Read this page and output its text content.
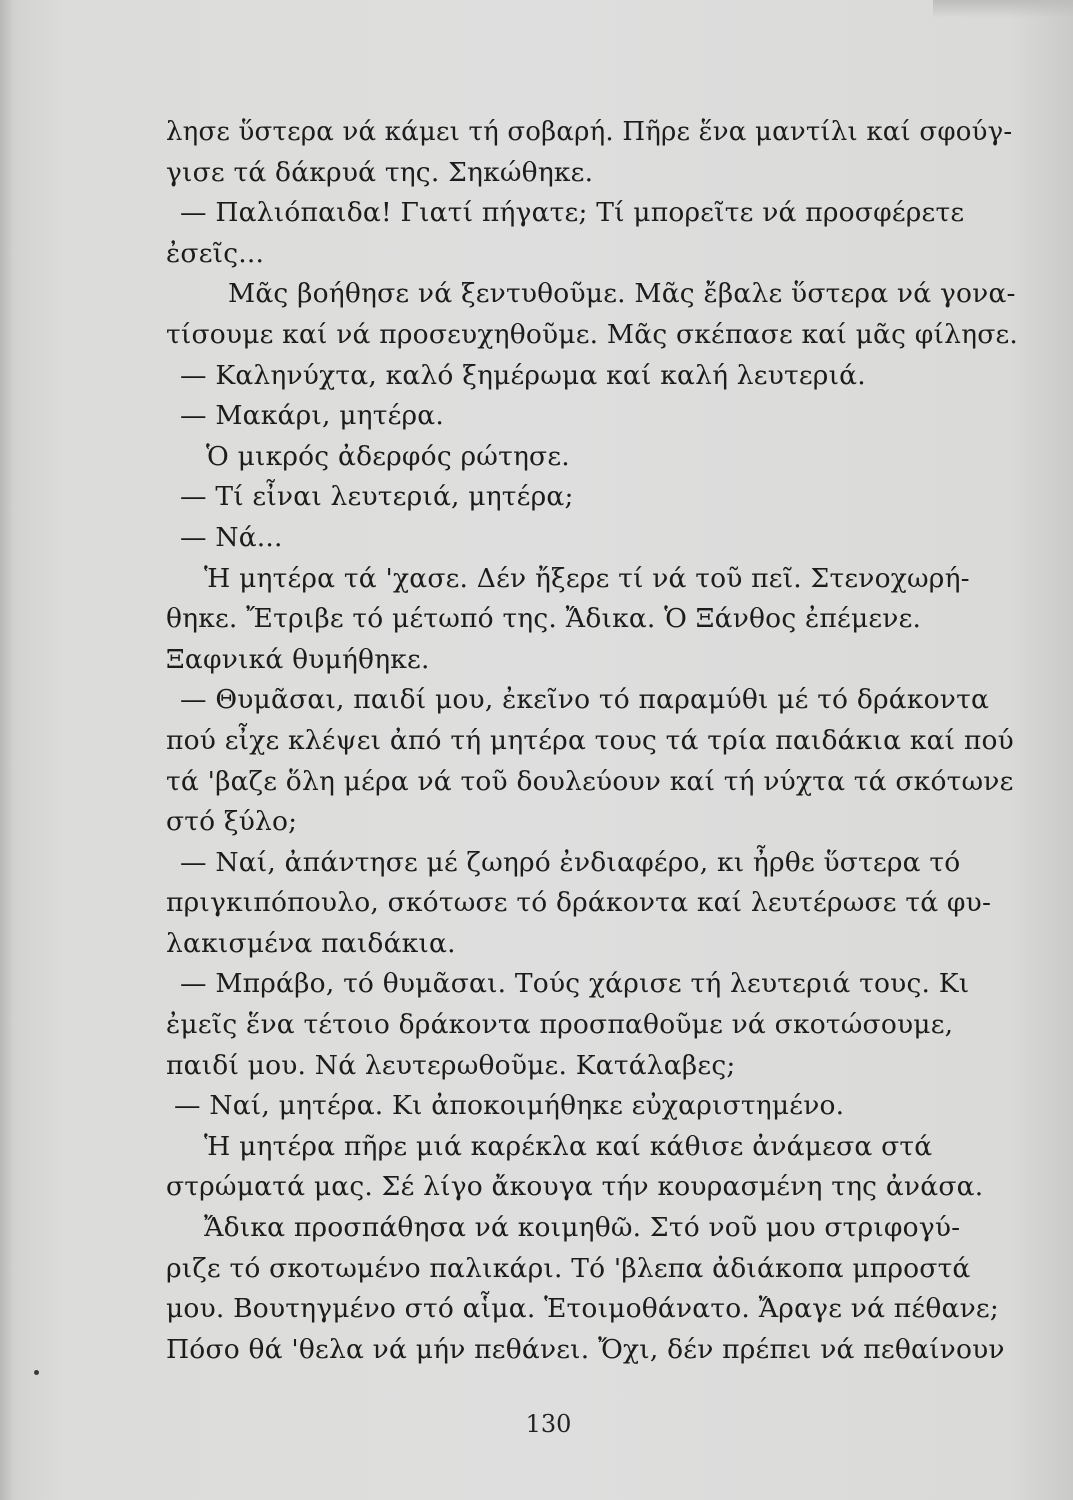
λησε ὕστερα νά κάμει τή σοβαρή. Πῆρε ἕνα μαντίλι καί σφούγ-
γισε τά δάκρυά της. Σηκώθηκε.
— Παλιόπαιδα! Γιατί πήγατε; Τί μπορεῖτε νά προσφέρετε
ἐσεῖς...
Μᾶς βοήθησε νά ξεντυθοῦμε. Μᾶς ἔβαλε ὕστερα νά γονα-
τίσουμε καί νά προσευχηθοῦμε. Μᾶς σκέπασε καί μᾶς φίλησε.
— Καληνύχτα, καλό ξημέρωμα καί καλή λευτεριά.
— Μακάρι, μητέρα.
Ὁ μικρός ἀδερφός ρώτησε.
— Τί εἶναι λευτεριά, μητέρα;
— Νά...
Ἡ μητέρα τά 'χασε. Δέν ἤξερε τί νά τοῦ πεῖ. Στενοχωρή-
θηκε. Ἔτριβε τό μέτωπό της. Ἄδικα. Ὁ Ξάνθος ἐπέμενε.
Ξαφνικά θυμήθηκε.
— Θυμᾶσαι, παιδί μου, ἐκεῖνο τό παραμύθι μέ τό δράκοντα
πού εἶχε κλέψει ἀπό τή μητέρα τους τά τρία παιδάκια καί πού
τά 'βαζε ὅλη μέρα νά τοῦ δουλεύουν καί τή νύχτα τά σκότωνε
στό ξύλο;
— Ναί, ἀπάντησε μέ ζωηρό ἐνδιαφέρο, κι ἦρθε ὕστερα τό
πριγκιπόπουλο, σκότωσε τό δράκοντα καί λευτέρωσε τά φυ-
λακισμένα παιδάκια.
— Μπράβο, τό θυμᾶσαι. Τούς χάρισε τή λευτεριά τους. Κι
ἐμεῖς ἕνα τέτοιο δράκοντα προσπαθοῦμε νά σκοτώσουμε,
παιδί μου. Νά λευτερωθοῦμε. Κατάλαβες;
— Ναί, μητέρα. Κι ἀποκοιμήθηκε εὐχαριστημένο.
Ἡ μητέρα πῆρε μιά καρέκλα καί κάθισε ἀνάμεσα στά
στρώματά μας. Σέ λίγο ἄκουγα τήν κουρασμένη της ἀνάσα.
Ἄδικα προσπάθησα νά κοιμηθῶ. Στό νοῦ μου στριφογύ-
ριζε τό σκοτωμένο παλικάρι. Τό 'βλεπα ἀδιάκοπα μπροστά
μου. Βουτηγμένο στό αἷμα. Ἑτοιμοθάνατο. Ἄραγε νά πέθανε;
Πόσο θά 'θελα νά μήν πεθάνει. Ὄχι, δέν πρέπει νά πεθαίνουν
130
